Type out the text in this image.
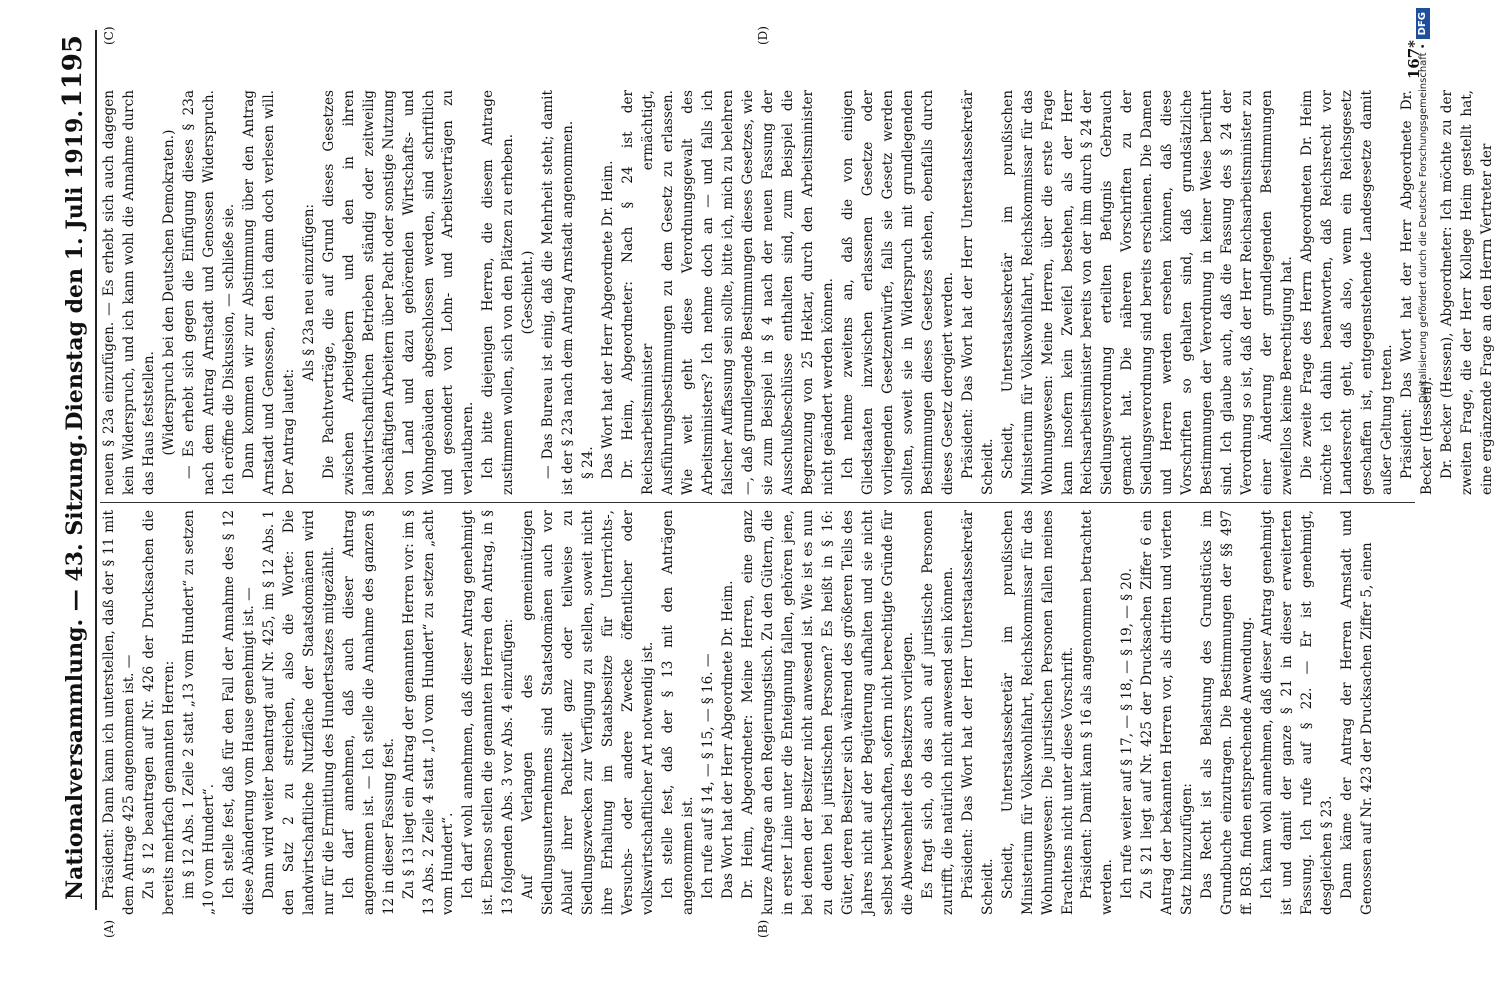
Nationalversammlung. — 43. Sitzung.
Dienstag den 1. Juli 1919.
1195
(A)	(B)
(C)	(D)

Präsident: Dann kann ich unterstellen, daß der § 11 mit dem Antrage 425 angenommen ist. — Zu § 12 beantragen auf Nr. 426 der Drucksachen die bereits mehrfach genannten Herren: im § 12 Abs. 1 Zeile 2 statt „13 vom Hundert“ zu setzen „10 vom Hundert“. Ich stelle fest, daß für den Fall der Annahme des § 12 diese Abänderung vom Hause genehmigt ist. — Dann wird weiter beantragt auf Nr. 425, im § 12 Abs. 1 den Satz 2 zu streichen, also die Worte: Die landwirtschaftliche Nutzfläche der Staatsdomänen wird nur für die Ermittlung des Hundertsatzes mitgezählt. Ich darf annehmen, daß auch dieser Antrag angenommen ist. — Ich stelle die Annahme des ganzen § 12 in dieser Fassung fest. Zu § 13 liegt ein Antrag der genannten Herren vor: im § 13 Abs. 2 Zeile 4 statt „10 vom Hundert“ zu setzen „acht vom Hundert“. Ich darf wohl annehmen, daß dieser Antrag genehmigt ist. Ebenso stellen die genannten Herren den Antrag, in § 13 folgenden Abs. 3 vor Abs. 4 einzufügen: Auf Verlangen des gemeinnützigen Siedlungsunternehmens sind Staatsdomänen auch vor Ablauf ihrer Pachtzeit ganz oder teilweise zu Siedlungszwecken zur Verfügung zu stellen, soweit nicht ihre Erhaltung im Staatsbesitze für Unterrichts-, Versuchs- oder andere Zwecke öffentlicher oder volkswirtschaftlicher Art notwendig ist. Ich stelle fest, daß der § 13 mit den Anträgen angenommen ist. Ich rufe auf § 14, — § 15, — § 16. — Das Wort hat der Herr Abgeordnete Dr. Heim. Dr. Heim, Abgeordneter: Meine Herren, eine ganz kurze Anfrage an den Regierungstisch. Zu den Gütern, die in erster Linie unter die Enteignung fallen, gehören jene, bei denen der Besitzer nicht anwesend ist. Wie ist es nun zu deuten bei juristischen Personen? Es heißt in § 16: Güter, deren Besitzer sich während des größeren Teils des Jahres nicht auf der Begüterung aufhalten und sie nicht selbst bewirtschaften, sofern nicht berechtigte Gründe für die Abwesenheit des Besitzers vorliegen. Es fragt sich, ob das auch auf juristische Personen zutrifft, die natürlich nicht anwesend sein können. Präsident: Das Wort hat der Herr Unterstaatssekretär Scheidt. Scheidt, Unterstaatssekretär im preußischen Ministerium für Volkswohlfahrt, Reichskommissar für das Wohnungswesen: Die juristischen Personen fallen meines Erachtens nicht unter diese Vorschrift. Präsident: Damit kann § 16 als angenommen betrachtet werden. Ich rufe weiter auf § 17, — § 18, — § 19, — § 20. Zu § 21 liegt auf Nr. 425 der Drucksachen Ziffer 6 ein Antrag der bekannten Herren vor, als dritten und vierten Satz hinzuzufügen: Das Recht ist als Belastung des Grundstücks im Grundbuche einzutragen. Die Bestimmungen der §§ 497 ff. BGB. finden entsprechende Anwendung. Ich kann wohl annehmen, daß dieser Antrag genehmigt ist und damit der ganze § 21 in dieser erweiterten Fassung. Ich rufe auf § 22. — Er ist genehmigt, desgleichen § 23. Dann käme der Antrag der Herren Arnstadt und Genossen auf Nr. 423 der Drucksachen Ziffer 5, einen

neuen § 23a einzufügen. — Es erhebt sich auch dagegen kein Widerspruch, und ich kann wohl die Annahme durch das Haus feststellen. (Widerspruch bei den Deutschen Demokraten.) — Es erhebt sich gegen die Einfügung dieses § 23a nach dem Antrag Arnstadt und Genossen Widerspruch. Ich eröffne die Diskussion, — schließe sie. Dann kommen wir zur Abstimmung über den Antrag Arnstadt und Genossen, den ich dann doch verlesen will. Der Antrag lautet:

Als § 23a neu einzufügen: Die Pachtverträge, die auf Grund dieses Gesetzes zwischen Arbeitgebern und den in ihren landwirtschaftlichen Betrieben ständig oder zeitweilig beschäftigten Arbeitern über Pacht oder sonstige Nutzung von Land und dazu gehörenden Wirtschafts- und Wohngebäuden abgeschlossen werden, sind schriftlich und gesondert von Lohn- und Arbeitsverträgen zu verlautbaren. Ich bitte diejenigen Herren, die diesem Antrage zustimmen wollen, sich von den Plätzen zu erheben. (Geschieht.) — Das Bureau ist einig, daß die Mehrheit steht; damit ist der § 23a nach dem Antrag Arnstadt angenommen. § 24. Das Wort hat der Herr Abgeordnete Dr. Heim. Dr. Heim, Abgeordneter: Nach § 24 ist der Reichsarbeitsminister ermächtigt, Ausführungsbestimmungen zu dem Gesetz zu erlassen. Wie weit geht diese Verordnungsgewalt des Arbeitsministers? Ich nehme doch an — und falls ich falscher Auffassung sein sollte, bitte ich, mich zu belehren —, daß grundlegende Bestimmungen dieses Gesetzes, wie sie zum Beispiel in § 4 nach der neuen Fassung der Ausschußbeschlüsse enthalten sind, zum Beispiel die Begrenzung von 25 Hektar, durch den Arbeitsminister nicht geändert werden können. Ich nehme zweitens an, daß die von einigen Gliedstaaten inzwischen erlassenen Gesetze oder vorliegenden Gesetzentwürfe, falls sie Gesetz werden sollten, soweit sie in Widerspruch mit grundlegenden Bestimmungen dieses Gesetzes stehen, ebenfalls durch dieses Gesetz derogiert werden. Präsident: Das Wort hat der Herr Unterstaatssekretär Scheidt. Scheidt, Unterstaatssekretär im preußischen Ministerium für Volkswohlfahrt, Reichskommissar für das Wohnungswesen: Meine Herren, über die erste Frage kann insofern kein Zweifel bestehen, als der Herr Reichsarbeitsminister bereits von der ihm durch § 24 der Siedlungsverordnung erteilten Befugnis Gebrauch gemacht hat. Die näheren Vorschriften zu der Siedlungsverordnung sind bereits erschienen. Die Damen und Herren werden ersehen können, daß diese Vorschriften so gehalten sind, daß grundsätzliche Bestimmungen der Verordnung in keiner Weise berührt sind. Ich glaube auch, daß die Fassung des § 24 der Verordnung so ist, daß der Herr Reichsarbeitsminister zu einer Änderung der grundlegenden Bestimmungen zweifellos keine Berechtigung hat. Die zweite Frage des Herrn Abgeordneten Dr. Heim möchte ich dahin beantworten, daß Reichsrecht vor Landesrecht geht, daß also, wenn ein Reichsgesetz geschaffen ist, entgegenstehende Landesgesetze damit außer Geltung treten. Präsident: Das Wort hat der Herr Abgeordnete Dr. Becker (Hessen). Dr. Becker (Hessen), Abgeordneter: Ich möchte zu der zweiten Frage, die der Herr Kollege Heim gestellt hat, eine ergänzende Frage an den Herrn Vertreter der

167*
Digitalisierung gefördert durch die Deutsche Forschungsgemeinschaft •
DFG
